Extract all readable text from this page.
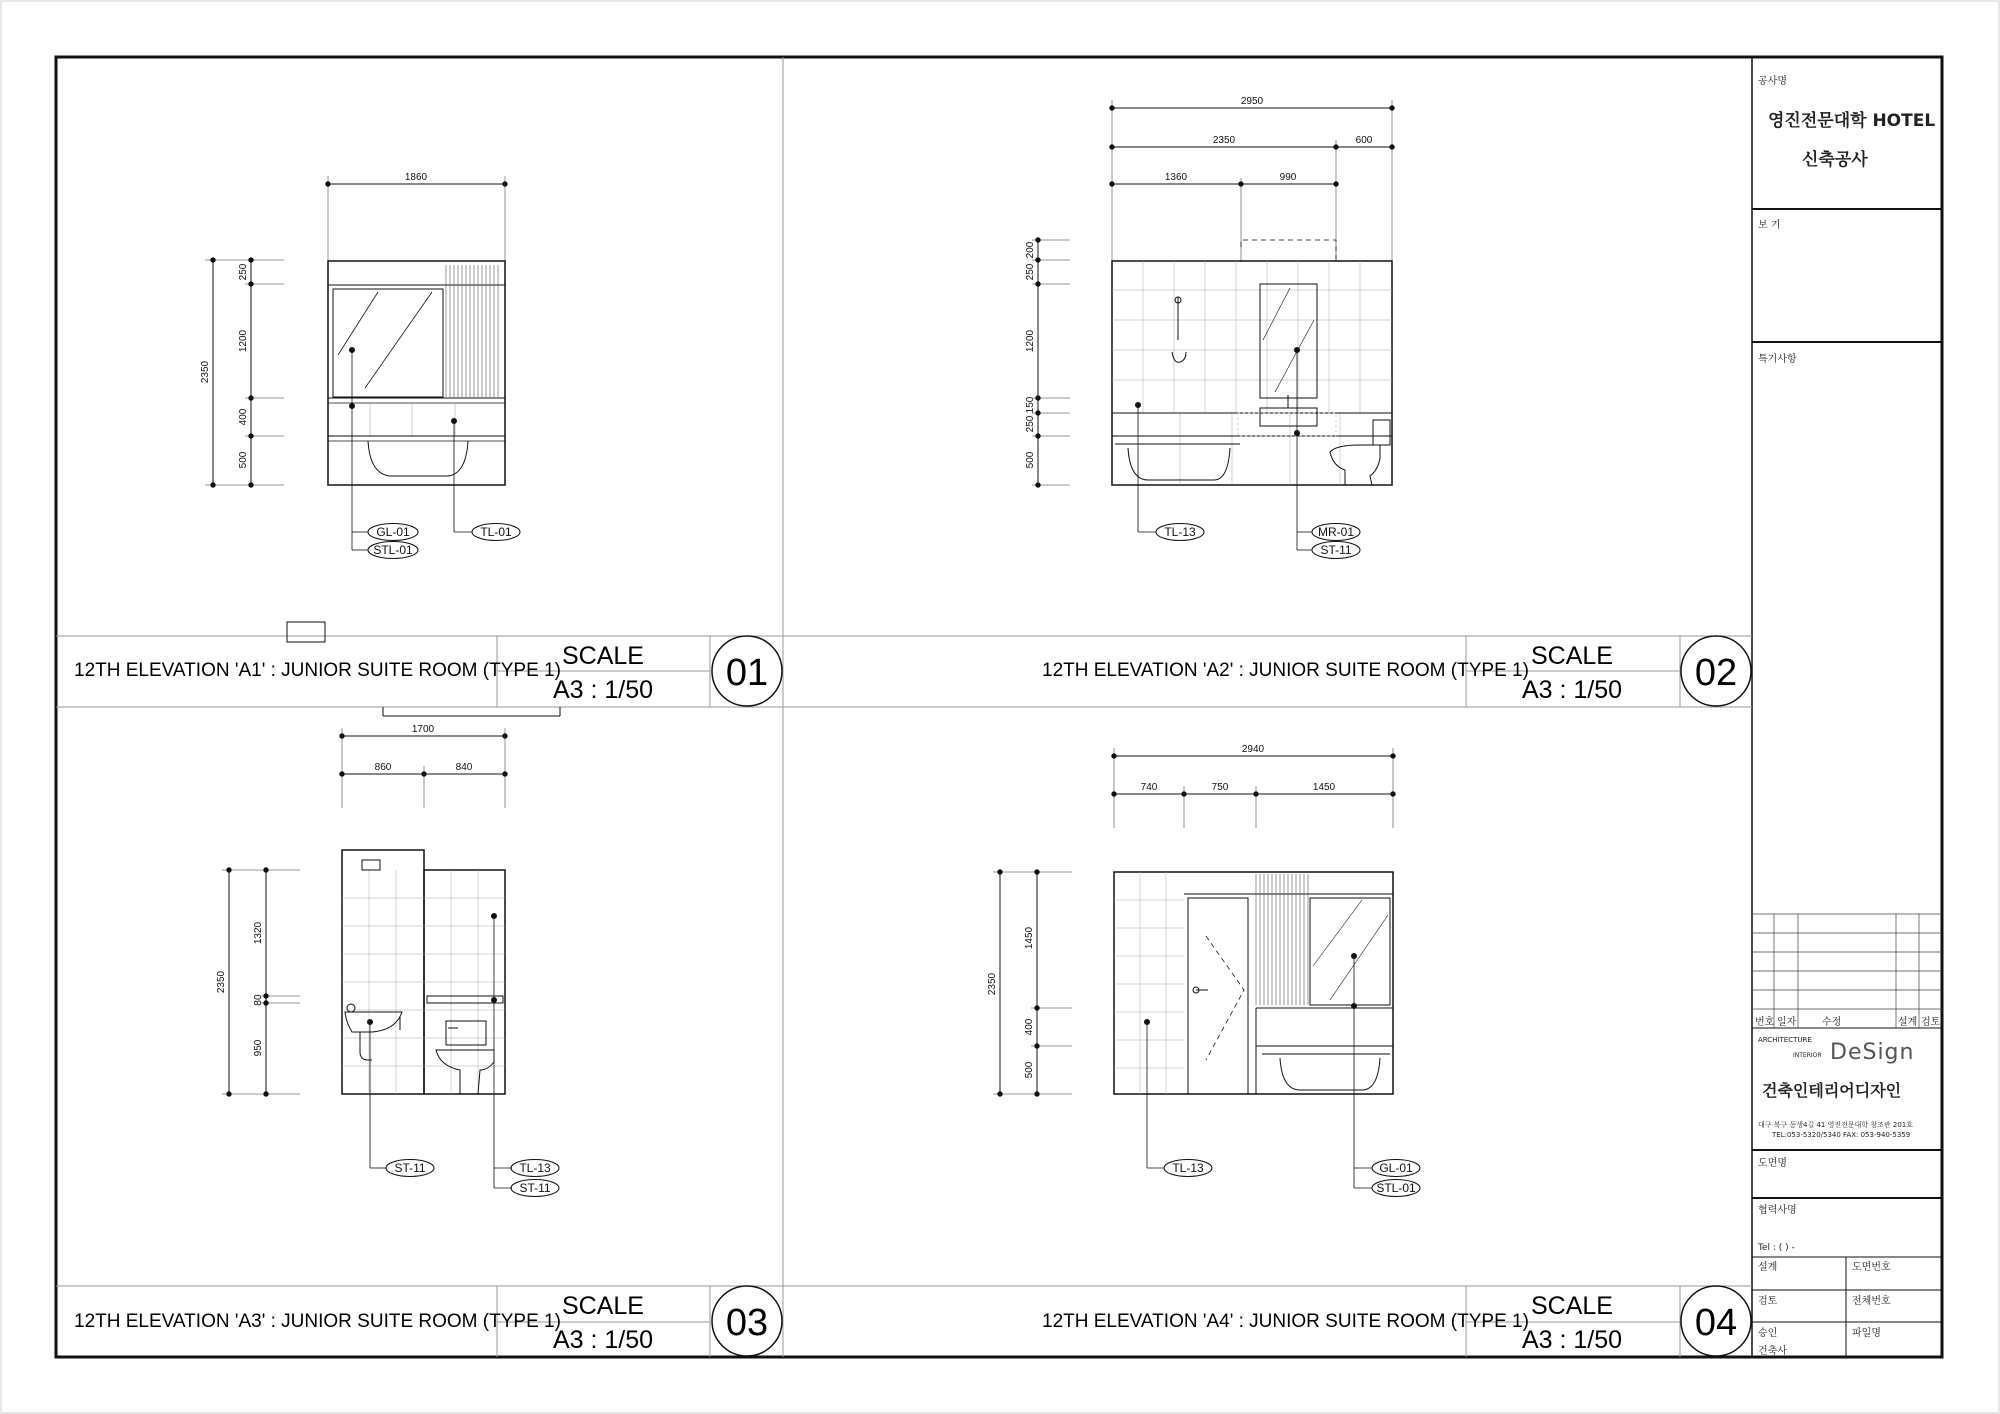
12TH ELEVATION 'A1' : JUNIOR SUITE ROOM (TYPE 1)
SCALE
A3 : 1/50 01	12TH ELEVATION 'A2' : JUNIOR SUITE ROOM (TYPE 1)
SCALE
A3 : 1/50 02
12TH ELEVATION 'A3' : JUNIOR SUITE ROOM (TYPE 1)
SCALE
A3 : 1/50 03	12TH ELEVATION 'A4' : JUNIOR SUITE ROOM (TYPE 1)
SCALE
A3 : 1/50 04
1860
2350
250
1200
400
500
GL-01
STL-01
TL-01
2950
2350	600
1360	990
200
250
1200
250
150
500
TL-13	MR-01
ST-11
1700
860	840
2350
1320
80
950
ST-11	TL-13
ST-11
2940
740	750	1450
2350
1450
400
500
TL-13	GL-01
STL-01
공사명
영진전문대학 HOTEL
신축공사
보 기
특기사항
번호 일자	수정	설계 검토
ARCHITECTURE
INTERIOR DeSign
건축인테리어디자인
대구 북구 동생4길 41 영진전문대학 창조관 201호
TEL:053-5320/5340 FAX: 053-940-5359
도면명
협력사명
Tel : ( ) -
설계	도면번호
검토	전체번호
승인	파일명
건축사
